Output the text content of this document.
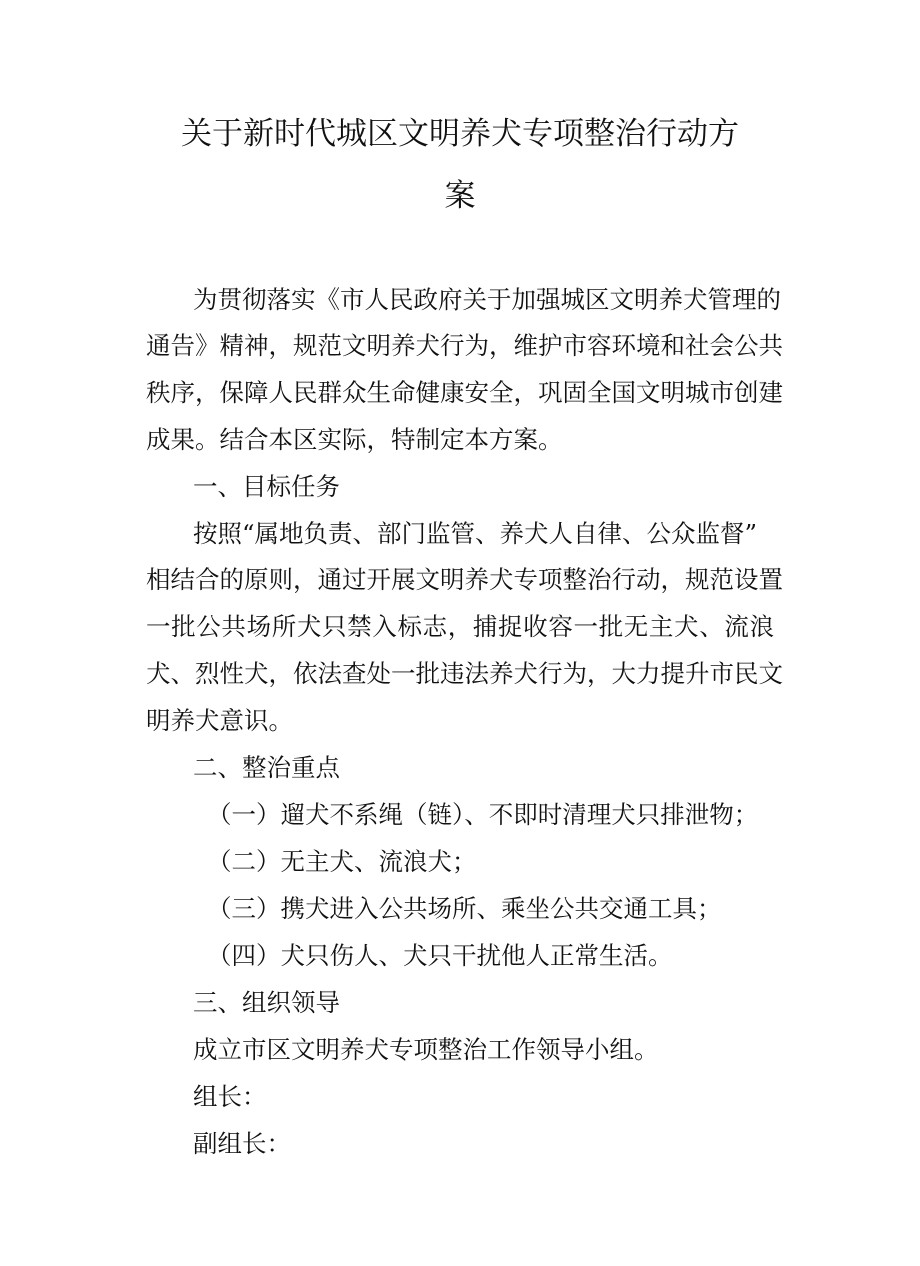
关于新时代城区文明养犬专项整治行动方
案
为贯彻落实《市人民政府关于加强城区文明养犬管理的
通告》精神，规范文明养犬行为，维护市容环境和社会公共
秩序，保障人民群众生命健康安全，巩固全国文明城市创建
成果。结合本区实际，特制定本方案。
一、目标任务
按照“属地负责、部门监管、养犬人自律、公众监督”
相结合的原则，通过开展文明养犬专项整治行动，规范设置
一批公共场所犬只禁入标志，捕捉收容一批无主犬、流浪
犬、烈性犬，依法查处一批违法养犬行为，大力提升市民文
明养犬意识。
二、整治重点
（一）遛犬不系绳（链）、不即时清理犬只排泄物；
（二）无主犬、流浪犬；
（三）携犬进入公共场所、乘坐公共交通工具；
（四）犬只伤人、犬只干扰他人正常生活。
三、组织领导
成立市区文明养犬专项整治工作领导小组。
组长：
副组长：
